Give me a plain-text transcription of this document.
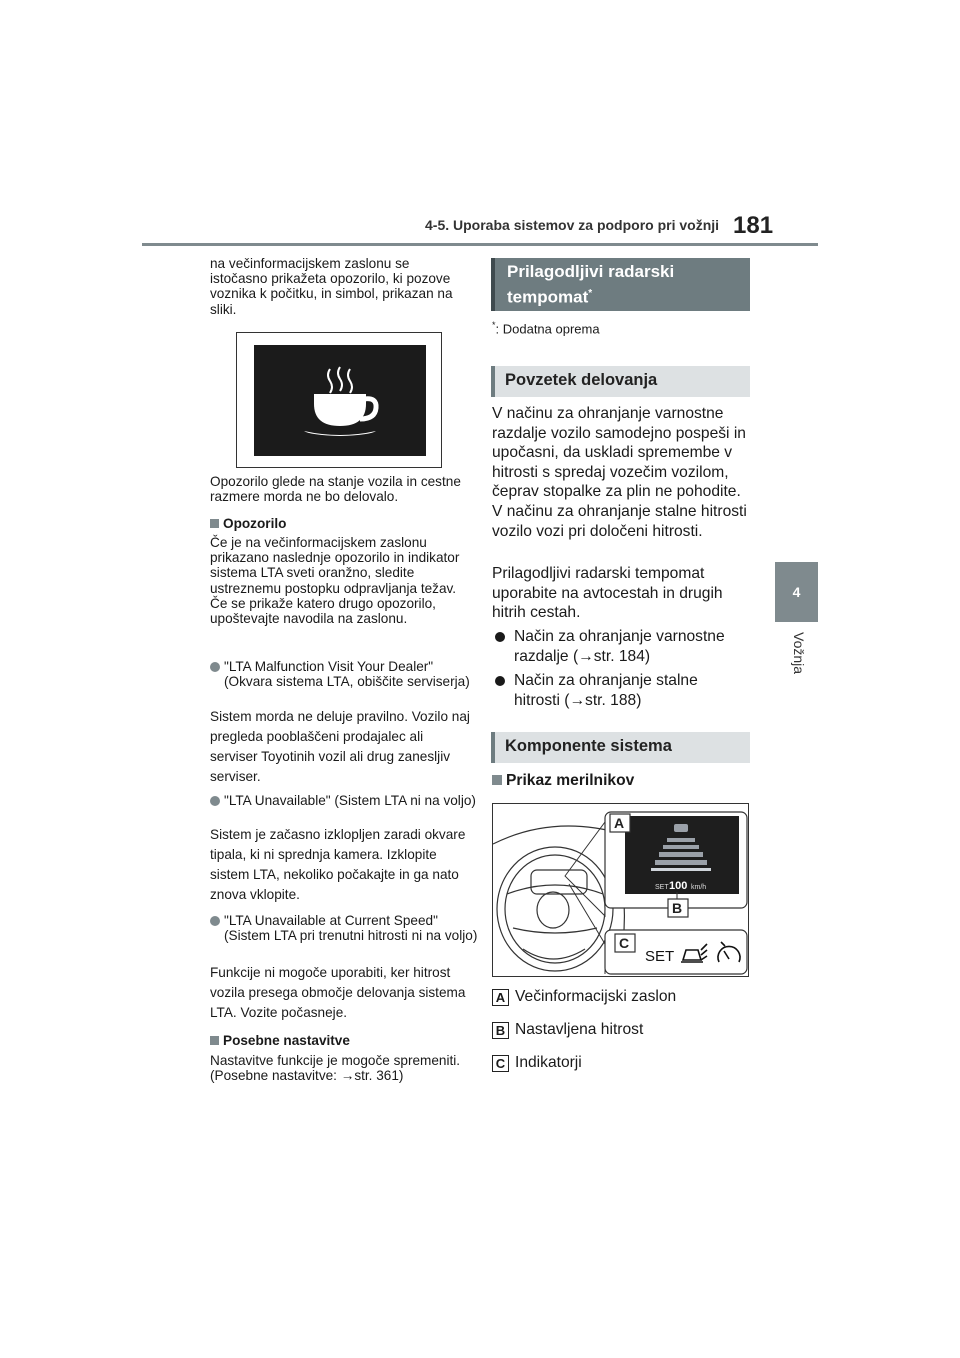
4-5. Uporaba sistemov za podporo pri vožnji 181
4
Vožnja
na večinformacijskem zaslonu se istočasno prikažeta opozorilo, ki pozove voznika k počitku, in simbol, prikazan na sliki.
Opozorilo glede na stanje vozila in cestne razmere morda ne bo delovalo.
Opozorilo
Če je na večinformacijskem zaslonu prikazano naslednje opozorilo in indikator sistema LTA sveti oranžno, sledite ustreznemu postopku odpravljanja težav. Če se prikaže katero drugo opozorilo, upoštevajte navodila na zaslonu.
"LTA Malfunction Visit Your Dealer" (Okvara sistema LTA, obiščite serviserja)
Sistem morda ne deluje pravilno. Vozilo naj pregleda pooblaščeni prodajalec ali serviser Toyotinih vozil ali drug zanesljiv serviser.
"LTA Unavailable" (Sistem LTA ni na voljo)
Sistem je začasno izklopljen zaradi okvare tipala, ki ni sprednja kamera. Izklopite sistem LTA, nekoliko počakajte in ga nato znova vklopite.
"LTA Unavailable at Current Speed" (Sistem LTA pri trenutni hitrosti ni na voljo)
Funkcije ni mogoče uporabiti, ker hitrost vozila presega območje delovanja sistema LTA. Vozite počasneje.
Posebne nastavitve
Nastavitve funkcije je mogoče spremeniti. (Posebne nastavitve: →str. 361)
Prilagodljivi radarski tempomat*
*: Dodatna oprema
Povzetek delovanja
V načinu za ohranjanje varnostne razdalje vozilo samodejno pospeši in upočasni, da uskladi spremembe v hitrosti s spredaj vozečim vozilom, čeprav stopalke za plin ne pohodite. V načinu za ohranjanje stalne hitrosti vozilo vozi pri določeni hitrosti.
Prilagodljivi radarski tempomat uporabite na avtocestah in drugih hitrih cestah.
Način za ohranjanje varnostne razdalje (→str. 184)
Način za ohranjanje stalne hitrosti (→str. 188)
Komponente sistema
Prikaz merilnikov
SET 100 km/h
A
B
C
SET
A Večinformacijski zaslon
B Nastavljena hitrost
C Indikatorji
